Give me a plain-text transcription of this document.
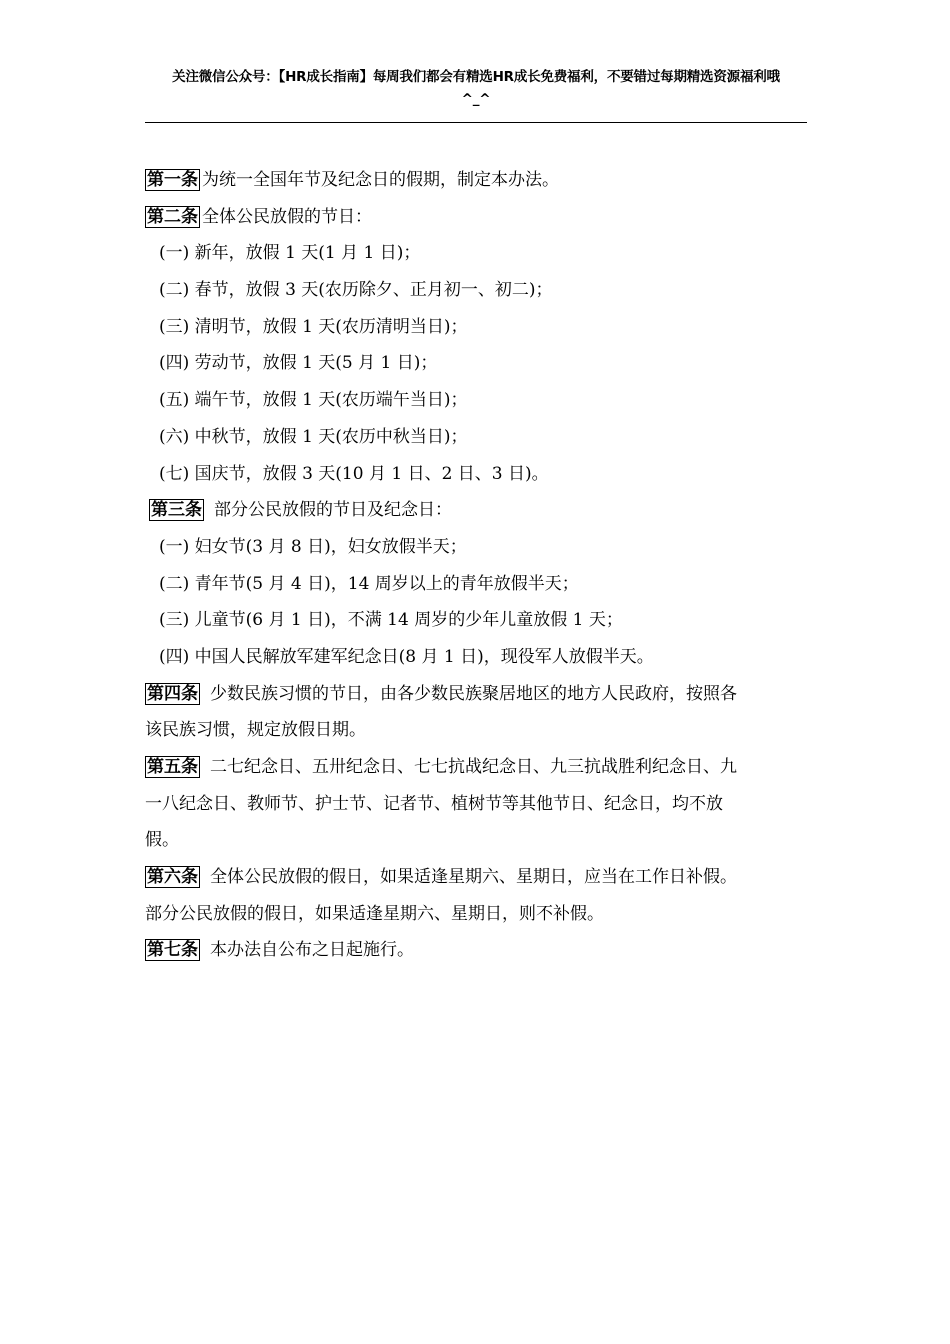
关注微信公众号：【HR成长指南】每周我们都会有精选HR成长免费福利，不要错过每期精选资源福利哦
^_^
第一条 为统一全国年节及纪念日的假期，制定本办法。
第二条 全体公民放假的节日：
(一) 新年，放假 1 天(1 月 1 日)；
(二) 春节，放假 3 天(农历除夕、正月初一、初二)；
(三) 清明节，放假 1 天(农历清明当日)；
(四) 劳动节，放假 1 天(5 月 1 日)；
(五) 端午节，放假 1 天(农历端午当日)；
(六) 中秋节，放假 1 天(农历中秋当日)；
(七) 国庆节，放假 3 天(10 月 1 日、2 日、3 日)。
第三条 部分公民放假的节日及纪念日：
(一) 妇女节(3 月 8 日)，妇女放假半天；
(二) 青年节(5 月 4 日)，14 周岁以上的青年放假半天；
(三) 儿童节(6 月 1 日)，不满 14 周岁的少年儿童放假 1 天；
(四) 中国人民解放军建军纪念日(8 月 1 日)，现役军人放假半天。
第四条 少数民族习惯的节日，由各少数民族聚居地区的地方人民政府，按照各
该民族习惯，规定放假日期。
第五条 二七纪念日、五卅纪念日、七七抗战纪念日、九三抗战胜利纪念日、九
一八纪念日、教师节、护士节、记者节、植树节等其他节日、纪念日，均不放
假。
第六条 全体公民放假的假日，如果适逢星期六、星期日，应当在工作日补假。
部分公民放假的假日，如果适逢星期六、星期日，则不补假。
第七条 本办法自公布之日起施行。
